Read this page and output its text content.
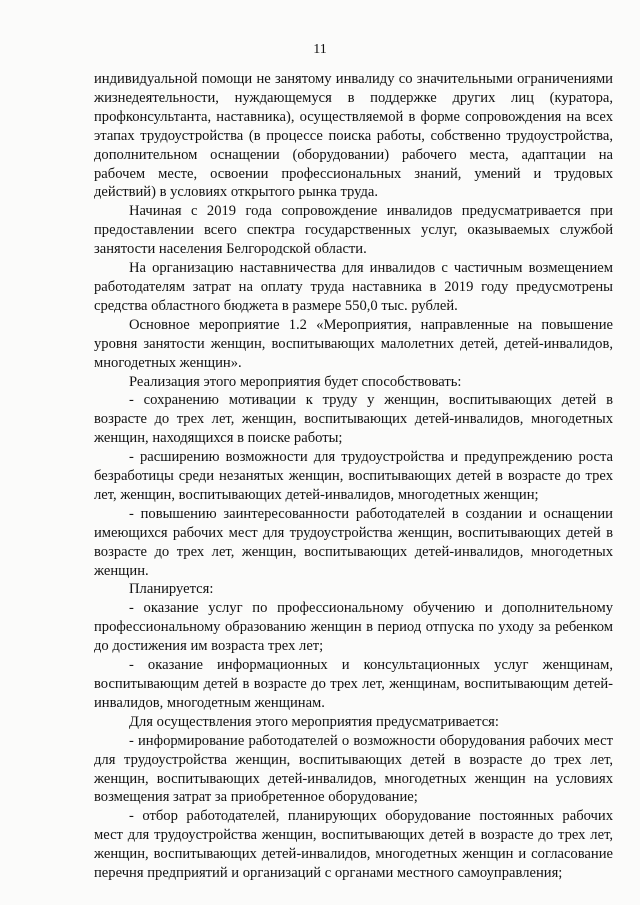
11

индивидуальной помощи не занятому инвалиду со значительными ограничениями жизнедеятельности, нуждающемуся в поддержке других лиц (куратора, профконсультанта, наставника), осуществляемой в форме сопровождения на всех этапах трудоустройства (в процессе поиска работы, собственно трудоустройства, дополнительном оснащении (оборудовании) рабочего места, адаптации на рабочем месте, освоении профессиональных знаний, умений и трудовых действий) в условиях открытого рынка труда.

Начиная с 2019 года сопровождение инвалидов предусматривается при предоставлении всего спектра государственных услуг, оказываемых службой занятости населения Белгородской области.

На организацию наставничества для инвалидов с частичным возмещением работодателям затрат на оплату труда наставника в 2019 году предусмотрены средства областного бюджета в размере 550,0 тыс. рублей.

Основное мероприятие 1.2 «Мероприятия, направленные на повышение уровня занятости женщин, воспитывающих малолетних детей, детей-инвалидов, многодетных женщин».

Реализация этого мероприятия будет способствовать:

- сохранению мотивации к труду у женщин, воспитывающих детей в возрасте до трех лет, женщин, воспитывающих детей-инвалидов, многодетных женщин, находящихся в поиске работы;

- расширению возможности для трудоустройства и предупреждению роста безработицы среди незанятых женщин, воспитывающих детей в возрасте до трех лет, женщин, воспитывающих детей-инвалидов, многодетных женщин;

- повышению заинтересованности работодателей в создании и оснащении имеющихся рабочих мест для трудоустройства женщин, воспитывающих детей в возрасте до трех лет, женщин, воспитывающих детей-инвалидов, многодетных женщин.

Планируется:

- оказание услуг по профессиональному обучению и дополнительному профессиональному образованию женщин в период отпуска по уходу за ребенком до достижения им возраста трех лет;

- оказание информационных и консультационных услуг женщинам, воспитывающим детей в возрасте до трех лет, женщинам, воспитывающим детей-инвалидов, многодетным женщинам.

Для осуществления этого мероприятия предусматривается:

- информирование работодателей о возможности оборудования рабочих мест для трудоустройства женщин, воспитывающих детей в возрасте до трех лет, женщин, воспитывающих детей-инвалидов, многодетных женщин на условиях возмещения затрат за приобретенное оборудование;

- отбор работодателей, планирующих оборудование постоянных рабочих мест для трудоустройства женщин, воспитывающих детей в возрасте до трех лет, женщин, воспитывающих детей-инвалидов, многодетных женщин и согласование перечня предприятий и организаций с органами местного самоуправления;
